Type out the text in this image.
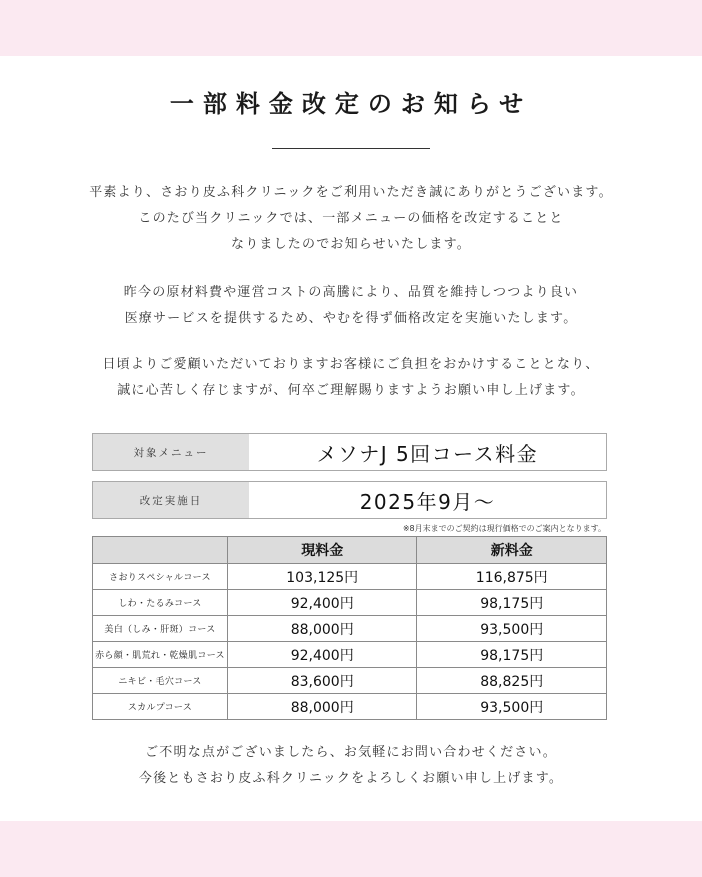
一部料金改定のお知らせ
平素より、さおり皮ふ科クリニックをご利用いただき誠にありがとうございます。
このたび当クリニックでは、一部メニューの価格を改定することと
なりましたのでお知らせいたします。
昨今の原材料費や運営コストの高騰により、品質を維持しつつより良い
医療サービスを提供するため、やむを得ず価格改定を実施いたします。
日頃よりご愛顧いただいておりますお客様にご負担をおかけすることとなり、
誠に心苦しく存じますが、何卒ご理解賜りますようお願い申し上げます。
対象メニュー	メソナJ 5回コース料金
改定実施日	2025年9月〜
※8月末までのご契約は現行価格でのご案内となります。
	現料金	新料金
さおりスペシャルコース	103,125円	116,875円
しわ・たるみコース	92,400円	98,175円
美白（しみ・肝斑）コース	88,000円	93,500円
赤ら顔・肌荒れ・乾燥肌コース	92,400円	98,175円
ニキビ・毛穴コース	83,600円	88,825円
スカルプコース	88,000円	93,500円
ご不明な点がございましたら、お気軽にお問い合わせください。
今後ともさおり皮ふ科クリニックをよろしくお願い申し上げます。
